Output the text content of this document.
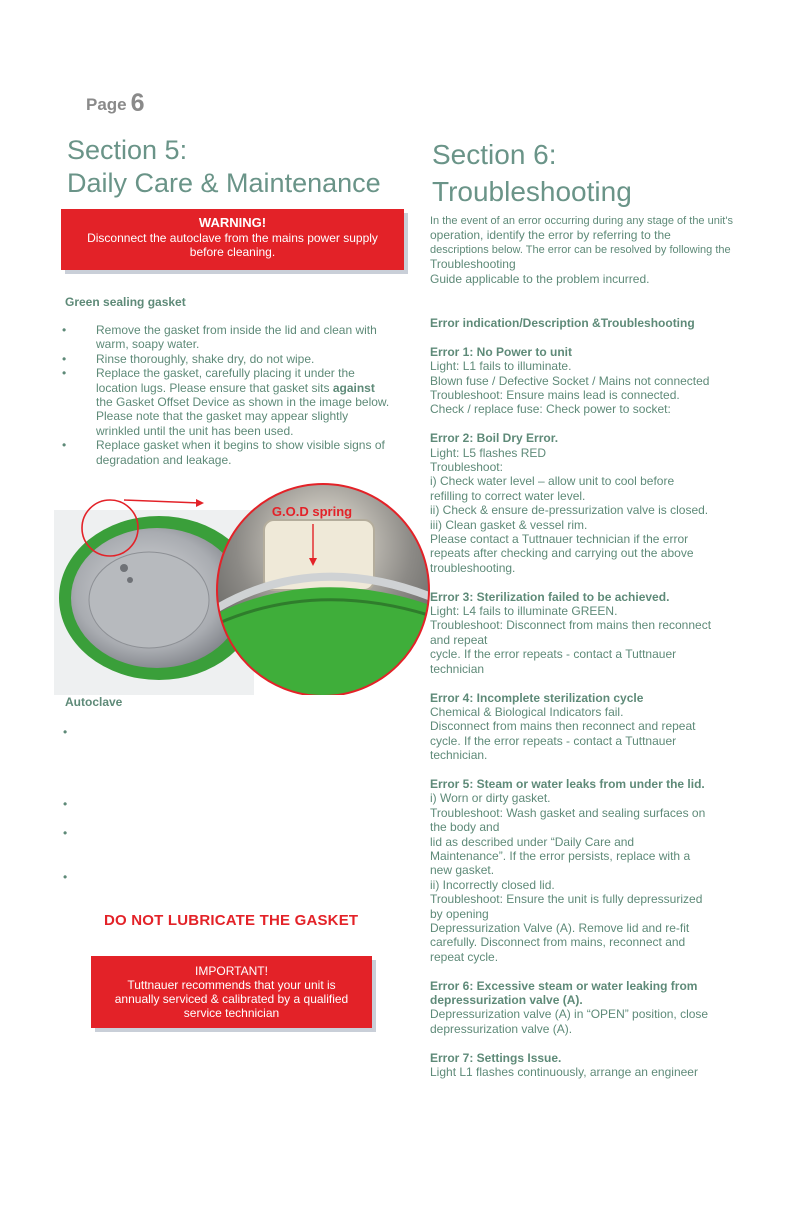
Page 6
Section 5:
Daily Care & Maintenance
Section 6:
Troubleshooting
WARNING!
Disconnect the autoclave from the mains power supply before cleaning.
Green sealing gasket
•	Remove the gasket from inside the lid and clean with warm, soapy water.
•	Rinse thoroughly, shake dry, do not wipe.
•	Replace the gasket, carefully placing it under the location lugs. Please ensure that gasket sits against the Gasket Offset Device as shown in the image below. Please note that the gasket may appear slightly wrinkled until the unit has been used.
•	Replace gasket when it begins to show visible signs of degradation and leakage.
G.O.D spring
Autoclave
•
•
•
•
DO NOT LUBRICATE THE GASKET
IMPORTANT!
Tuttnauer recommends that your unit is annually serviced & calibrated by a qualified service technician
In the event of an error occurring during any stage of the unit's
operation, identify the error by referring to the
descriptions below. The error can be resolved by following the
Troubleshooting
Guide applicable to the problem incurred.
Error indication/Description &Troubleshooting
Error 1: No Power to unit
Light: L1 fails to illuminate.
Blown fuse / Defective Socket / Mains not connected
Troubleshoot: Ensure mains lead is connected.
Check / replace fuse: Check power to socket:
Error 2: Boil Dry Error.
Light: L5 flashes RED
Troubleshoot:
i) Check water level – allow unit to cool before
refilling to correct water level.
ii) Check & ensure de-pressurization valve is closed.
iii) Clean gasket & vessel rim.
Please contact a Tuttnauer technician if the error
repeats after checking and carrying out the above
troubleshooting.
Error 3: Sterilization failed to be achieved.
Light: L4 fails to illuminate GREEN.
Troubleshoot: Disconnect from mains then reconnect
and repeat
cycle. If the error repeats - contact a Tuttnauer
technician
Error 4: Incomplete sterilization cycle
Chemical & Biological Indicators fail.
Disconnect from mains then reconnect and repeat
cycle. If the error repeats - contact a Tuttnauer
technician.
Error 5: Steam or water leaks from under the lid.
i) Worn or dirty gasket.
Troubleshoot: Wash gasket and sealing surfaces on
the body and
lid as described under “Daily Care and
Maintenance”. If the error persists, replace with a
new gasket.
ii) Incorrectly closed lid.
Troubleshoot: Ensure the unit is fully depressurized
by opening
Depressurization Valve (A). Remove lid and re-fit
carefully. Disconnect from mains, reconnect and
repeat cycle.
Error 6: Excessive steam or water leaking from depressurization valve (A).
Depressurization valve (A) in “OPEN” position, close
depressurization valve (A).
Error 7: Settings Issue.
Light L1 flashes continuously, arrange an engineer
